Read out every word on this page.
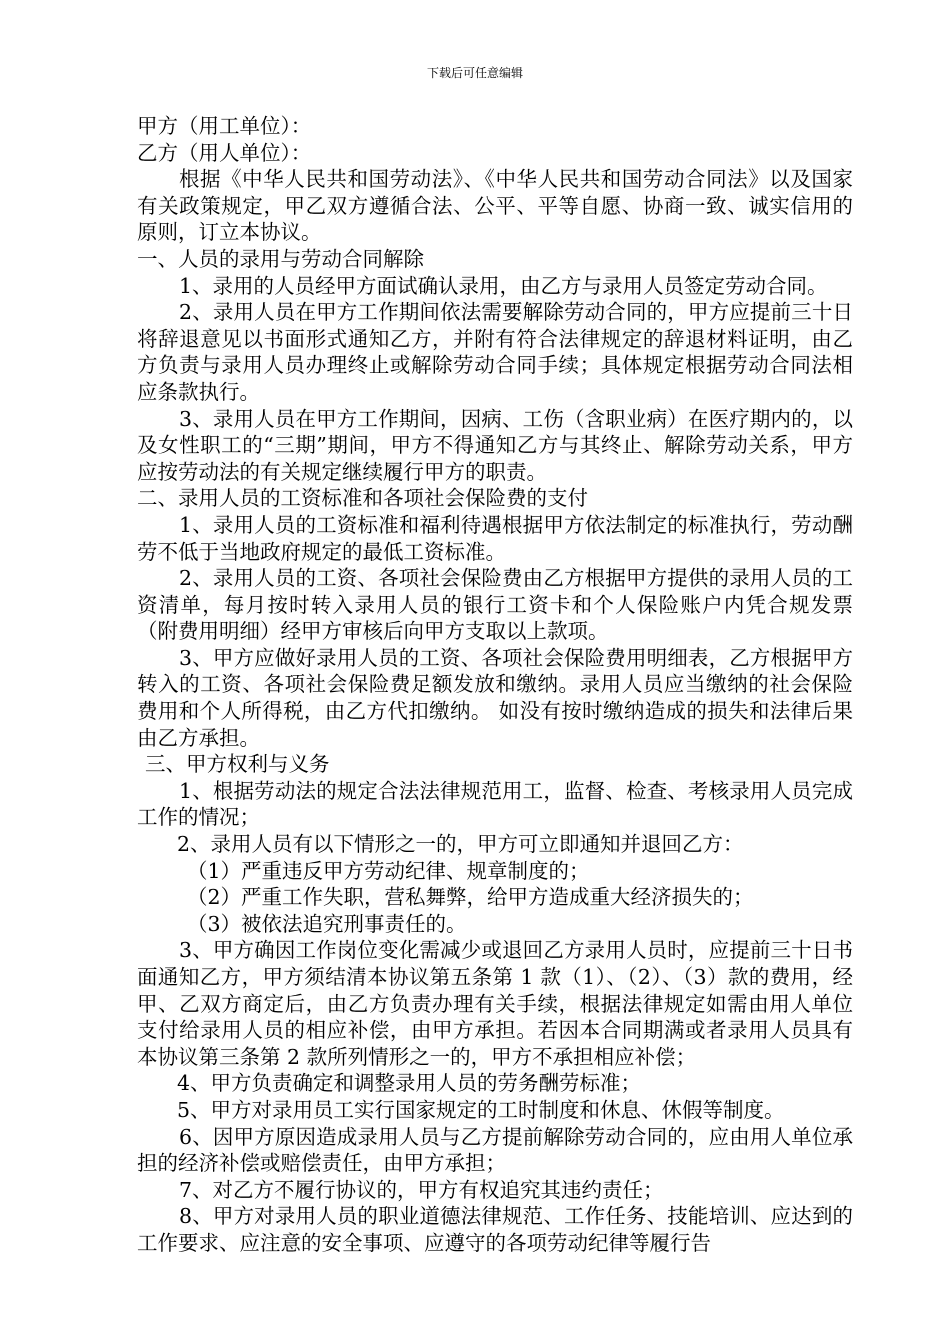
下载后可任意编辑

甲方（用工单位）：

乙方（用人单位）：

根据《中华人民共和国劳动法》、《中华人民共和国劳动合同法》以及国家有关政策规定，甲乙双方遵循合法、公平、平等自愿、协商一致、诚实信用的原则，订立本协议。

一、人员的录用与劳动合同解除

1、录用的人员经甲方面试确认录用，由乙方与录用人员签定劳动合同。

2、录用人员在甲方工作期间依法需要解除劳动合同的，甲方应提前三十日将辞退意见以书面形式通知乙方，并附有符合法律规定的辞退材料证明，由乙方负责与录用人员办理终止或解除劳动合同手续；具体规定根据劳动合同法相应条款执行。

3、录用人员在甲方工作期间，因病、工伤（含职业病）在医疗期内的，以及女性职工的“三期”期间，甲方不得通知乙方与其终止、解除劳动关系，甲方应按劳动法的有关规定继续履行甲方的职责。

二、录用人员的工资标准和各项社会保险费的支付

1、录用人员的工资标准和福利待遇根据甲方依法制定的标准执行，劳动酬劳不低于当地政府规定的最低工资标准。

2、录用人员的工资、各项社会保险费由乙方根据甲方提供的录用人员的工资清单，每月按时转入录用人员的银行工资卡和个人保险账户内凭合规发票（附费用明细）经甲方审核后向甲方支取以上款项。

3、甲方应做好录用人员的工资、各项社会保险费用明细表，乙方根据甲方转入的工资、各项社会保险费足额发放和缴纳。录用人员应当缴纳的社会保险费用和个人所得税，由乙方代扣缴纳。 如没有按时缴纳造成的损失和法律后果由乙方承担。

三、甲方权利与义务

1、根据劳动法的规定合法法律规范用工，监督、检查、考核录用人员完成工作的情况；

2、录用人员有以下情形之一的，甲方可立即通知并退回乙方：

（1）严重违反甲方劳动纪律、规章制度的；

（2）严重工作失职，营私舞弊，给甲方造成重大经济损失的；

（3）被依法追究刑事责任的。

3、甲方确因工作岗位变化需减少或退回乙方录用人员时，应提前三十日书面通知乙方，甲方须结清本协议第五条第 1 款（1）、（2）、（3）款的费用，经甲、乙双方商定后，由乙方负责办理有关手续，根据法律规定如需由用人单位支付给录用人员的相应补偿，由甲方承担。若因本合同期满或者录用人员具有本协议第三条第 2 款所列情形之一的，甲方不承担相应补偿；

4、甲方负责确定和调整录用人员的劳务酬劳标准；

5、甲方对录用员工实行国家规定的工时制度和休息、休假等制度。

6、因甲方原因造成录用人员与乙方提前解除劳动合同的，应由用人单位承担的经济补偿或赔偿责任，由甲方承担；

7、对乙方不履行协议的，甲方有权追究其违约责任；

8、甲方对录用人员的职业道德法律规范、工作任务、技能培训、应达到的工作要求、应注意的安全事项、应遵守的各项劳动纪律等履行告
